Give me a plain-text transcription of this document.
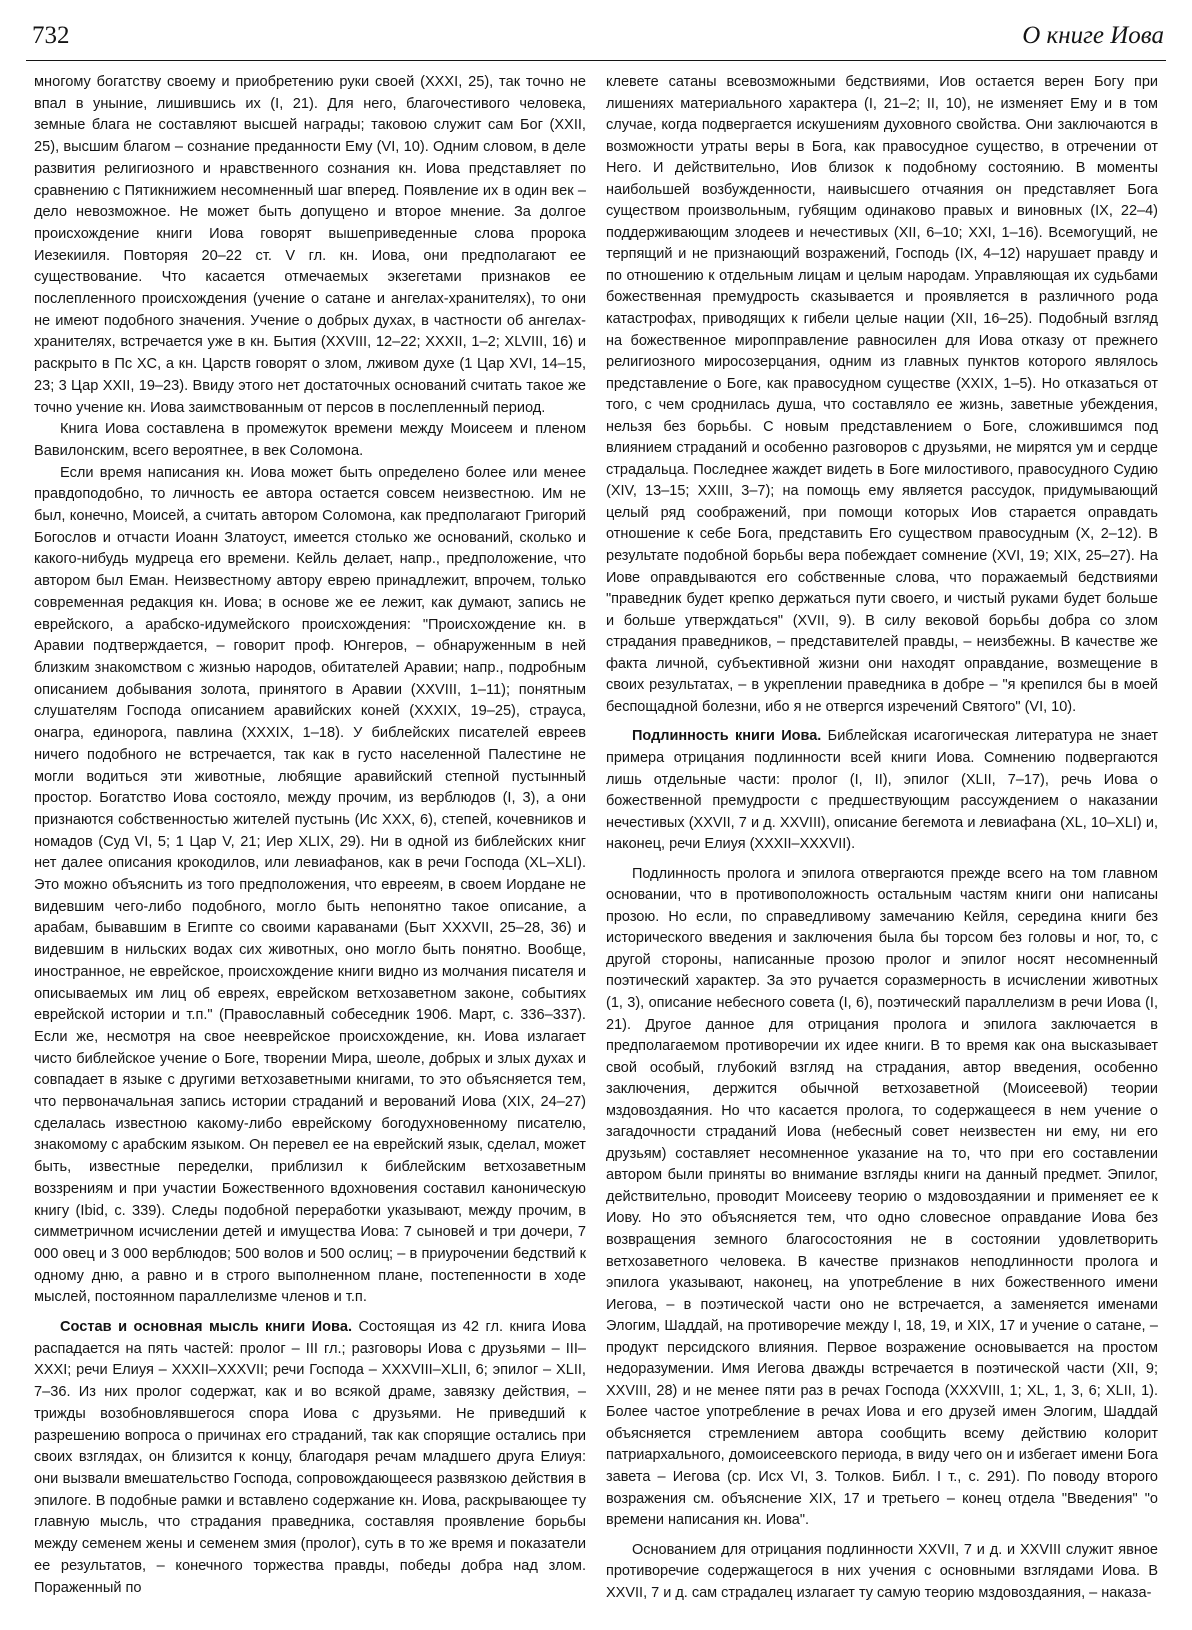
732	О книге Иова

многому богатству своему и приобретению руки своей (XXXI, 25), так точно не впал в уныние, лишившись их (I, 21). Для него, благочестивого человека, земные блага не составляют высшей награды; таковою служит сам Бог (XXII, 25), высшим благом – сознание преданности Ему (VI, 10). Одним словом, в деле развития религиозного и нравственного сознания кн. Иова представляет по сравнению с Пятикнижием несомненный шаг вперед. Появление их в один век – дело невозможное. Не может быть допущено и второе мнение. За долгое происхождение книги Иова говорят вышеприведенные слова пророка Иезекииля. Повторяя 20–22 ст. V гл. кн. Иова, они предполагают ее существование. Что касается отмечаемых экзегетами признаков ее послепленного происхождения (учение о сатане и ангелах-хранителях), то они не имеют подобного значения. Учение о добрых духах, в частности об ангелах-хранителях, встречается уже в кн. Бытия (XXVIII, 12–22; XXXII, 1–2; XLVIII, 16) и раскрыто в Пс XC, а кн. Царств говорят о злом, лживом духе (1 Цар XVI, 14–15, 23; 3 Цар XXII, 19–23). Ввиду этого нет достаточных оснований считать такое же точно учение кн. Иова заимствованным от персов в послепленный период.

Книга Иова составлена в промежуток времени между Моисеем и пленом Вавилонским, всего вероятнее, в век Соломона.

Если время написания кн. Иова может быть определено более или менее правдоподобно, то личность ее автора остается совсем неизвестною. Им не был, конечно, Моисей, а считать автором Соломона, как предполагают Григорий Богослов и отчасти Иоанн Златоуст, имеется столько же оснований, сколько и какого-нибудь мудреца его времени. Кейль делает, напр., предположение, что автором был Еман. Неизвестному автору еврею принадлежит, впрочем, только современная редакция кн. Иова; в основе же ее лежит, как думают, запись не еврейского, а арабско-идумейского происхождения: "Происхождение кн. в Аравии подтверждается, – говорит проф. Юнгеров, – обнаруженным в ней близким знакомством с жизнью народов, обитателей Аравии; напр., подробным описанием добывания золота, принятого в Аравии (XXVIII, 1–11); понятным слушателям Господа описанием аравийских коней (XXXIX, 19–25), страуса, онагра, единорога, павлина (XXXIX, 1–18). У библейских писателей евреев ничего подобного не встречается, так как в густо населенной Палестине не могли водиться эти животные, любящие аравийский степной пустынный простор. Богатство Иова состояло, между прочим, из верблюдов (I, 3), а они признаются собственностью жителей пустынь (Ис XXX, 6), степей, кочевников и номадов (Суд VI, 5; 1 Цар V, 21; Иер XLIX, 29). Ни в одной из библейских книг нет далее описания крокодилов, или левиафанов, как в речи Господа (XL–XLI). Это можно объяснить из того предположения, что еврееям, в своем Иордане не видевшим чего-либо подобного, могло быть непонятно такое описание, а арабам, бывавшим в Египте со своими караванами (Быт XXXVII, 25–28, 36) и видевшим в нильских водах сих животных, оно могло быть понятно. Вообще, иностранное, не еврейское, происхождение книги видно из молчания писателя и описываемых им лиц об евреях, еврейском ветхозаветном законе, событиях еврейской истории и т.п." (Православный собеседник 1906. Март, с. 336–337). Если же, несмотря на свое нееврейское происхождение, кн. Иова излагает чисто библейское учение о Боге, творении Мира, шеоле, добрых и злых духах и совпадает в языке с другими ветхозаветными книгами, то это объясняется тем, что первоначальная запись истории страданий и верований Иова (XIX, 24–27) сделалась известною какому-либо еврейскому богодухновенному писателю, знакомому с арабским языком. Он перевел ее на еврейский язык, сделал, может быть, известные переделки, приблизил к библейским ветхозаветным воззрениям и при участии Божественного вдохновения составил каноническую книгу (Ibid, с. 339). Следы подобной переработки указывают, между прочим, в симметричном исчислении детей и имущества Иова: 7 сыновей и три дочери, 7 000 овец и 3 000 верблюдов; 500 волов и 500 ослиц; – в приурочении бедствий к одному дню, а равно и в строго выполненном плане, постепенности в ходе мыслей, постоянном параллелизме членов и т.п.

Состав и основная мысль книги Иова. Состоящая из 42 гл. книга Иова распадается на пять частей: пролог – III гл.; разговоры Иова с друзьями – III–XXXI; речи Елиуя – XXXII–XXXVII; речи Господа – XXXVIII–XLII, 6; эпилог – XLII, 7–36. Из них пролог содержат, как и во всякой драме, завязку действия, – трижды возобновлявшегося спора Иова с друзьями. Не приведший к разрешению вопроса о причинах его страданий, так как спорящие остались при своих взглядах, он близится к концу, благодаря речам младшего друга Елиуя: они вызвали вмешательство Господа, сопровождающееся развязкою действия в эпилоге. В подобные рамки и вставлено содержание кн. Иова, раскрывающее ту главную мысль, что страдания праведника, составляя проявление борьбы между семенем жены и семенем змия (пролог), суть в то же время и показатели ее результатов, – конечного торжества правды, победы добра над злом. Пораженный по

клевете сатаны всевозможными бедствиями, Иов остается верен Богу при лишениях материального характера (I, 21–2; II, 10), не изменяет Ему и в том случае, когда подвергается искушениям духовного свойства. Они заключаются в возможности утраты веры в Бога, как правосудное существо, в отречении от Него. И действительно, Иов близок к подобному состоянию. В моменты наибольшей возбужденности, наивысшего отчаяния он представляет Бога существом произвольным, губящим одинаково правых и виновных (IX, 22–4) поддерживающим злодеев и нечестивых (XII, 6–10; XXI, 1–16). Всемогущий, не терпящий и не признающий возражений, Господь (IX, 4–12) нарушает правду и по отношению к отдельным лицам и целым народам. Управляющая их судьбами божественная премудрость сказывается и проявляется в различного рода катастрофах, приводящих к гибели целые нации (XII, 16–25). Подобный взгляд на божественное миропправление равносилен для Иова отказу от прежнего религиозного миросозерцания, одним из главных пунктов которого являлось представление о Боге, как правосудном существе (XXIX, 1–5). Но отказаться от того, с чем сроднилась душа, что составляло ее жизнь, заветные убеждения, нельзя без борьбы. С новым представлением о Боге, сложившимся под влиянием страданий и особенно разговоров с друзьями, не мирятся ум и сердце страдальца. Последнее жаждет видеть в Боге милостивого, правосудного Судию (XIV, 13–15; XXIII, 3–7); на помощь ему является рассудок, придумывающий целый ряд соображений, при помощи которых Иов старается оправдать отношение к себе Бога, представить Его существом правосудным (X, 2–12). В результате подобной борьбы вера побеждает сомнение (XVI, 19; XIX, 25–27). На Иове оправдываются его собственные слова, что поражаемый бедствиями "праведник будет крепко держаться пути своего, и чистый руками будет больше и больше утверждаться" (XVII, 9). В силу вековой борьбы добра со злом страдания праведников, – представителей правды, – неизбежны. В качестве же факта личной, субъективной жизни они находят оправдание, возмещение в своих результатах, – в укреплении праведника в добре – "я крепился бы в моей беспощадной болезни, ибо я не отвергся изречений Святого" (VI, 10).

Подлинность книги Иова. Библейская исагогическая литература не знает примера отрицания подлинности всей книги Иова. Сомнению подвергаются лишь отдельные части: пролог (I, II), эпилог (XLII, 7–17), речь Иова о божественной премудрости с предшествующим рассуждением о наказании нечестивых (XXVII, 7 и д. XXVIII), описание бегемота и левиафана (XL, 10–XLI) и, наконец, речи Елиуя (XXXII–XXXVII).

Подлинность пролога и эпилога отвергаются прежде всего на том главном основании, что в противоположность остальным частям книги они написаны прозою. Но если, по справедливому замечанию Кейля, середина книги без исторического введения и заключения была бы торсом без головы и ног, то, с другой стороны, написанные прозою пролог и эпилог носят несомненный поэтический характер. За это ручается соразмерность в исчислении животных (1, 3), описание небесного совета (I, 6), поэтический параллелизм в речи Иова (I, 21). Другое данное для отрицания пролога и эпилога заключается в предполагаемом противоречии их идее книги. В то время как она высказывает свой особый, глубокий взгляд на страдания, автор введения, особенно заключения, держится обычной ветхозаветной (Моисеевой) теории мздовоздаяния. Но что касается пролога, то содержащееся в нем учение о загадочности страданий Иова (небесный совет неизвестен ни ему, ни его друзьям) составляет несомненное указание на то, что при его составлении автором были приняты во внимание взгляды книги на данный предмет. Эпилог, действительно, проводит Моисееву теорию о мздовоздаянии и применяет ее к Иову. Но это объясняется тем, что одно словесное оправдание Иова без возвращения земного благосостояния не в состоянии удовлетворить ветхозаветного человека. В качестве признаков неподлинности пролога и эпилога указывают, наконец, на употребление в них божественного имени Иегова, – в поэтической части оно не встречается, а заменяется именами Элогим, Шаддай, на противоречие между I, 18, 19, и XIX, 17 и учение о сатане, – продукт персидского влияния. Первое возражение основывается на простом недоразумении. Имя Иегова дважды встречается в поэтической части (XII, 9; XXVIII, 28) и не менее пяти раз в речах Господа (XXXVIII, 1; XL, 1, 3, 6; XLII, 1). Более частое употребление в речах Иова и его друзей имен Элогим, Шаддай объясняется стремлением автора сообщить всему действию колорит патриархального, домоисеевского периода, в виду чего он и избегает имени Бога завета – Иегова (ср. Исх VI, 3. Толков. Библ. I т., с. 291). По поводу второго возражения см. объяснение XIX, 17 и третьего – конец отдела "Введения" "о времени написания кн. Иова".

Основанием для отрицания подлинности XXVII, 7 и д. и XXVIII служит явное противоречие содержащегося в них учения с основными взглядами Иова. В XXVII, 7 и д. сам страдалец излагает ту самую теорию мздовоздаяния, – наказа-
